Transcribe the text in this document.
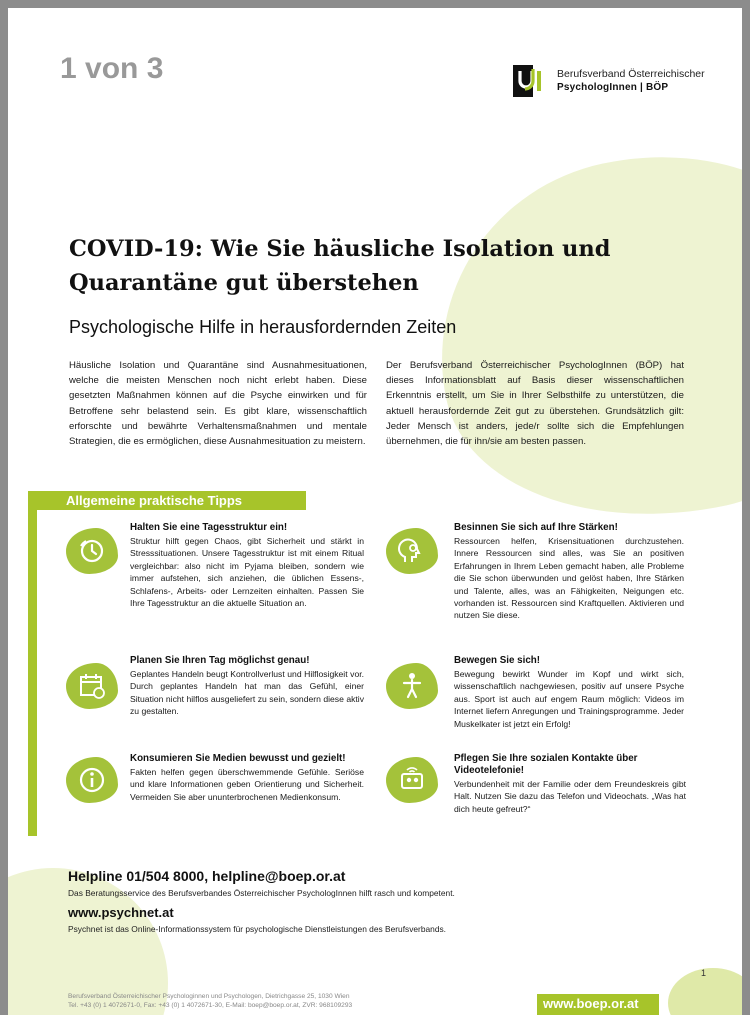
1 von 3	Berufsverband Österreichischer
PsychologInnen | BÖP
COVID-19: Wie Sie häusliche Isolation und
Quarantäne gut überstehen
Psychologische Hilfe in herausfordernden Zeiten
Häusliche Isolation und Quarantäne sind Ausnahmesituationen, welche die meisten Menschen noch nicht erlebt haben. Diese gesetzten Maßnahmen können auf die Psyche einwirken und für Betroffene sehr belastend sein. Es gibt klare, wissenschaftlich erforschte und bewährte Verhaltensmaßnahmen und mentale Strategien, die es ermöglichen, diese Ausnahmesituation zu meistern.
Der Berufsverband Österreichischer PsychologInnen (BÖP) hat dieses Informationsblatt auf Basis dieser wissenschaftlichen Erkenntnis erstellt, um Sie in Ihrer Selbsthilfe zu unterstützen, die aktuell herausfordernde Zeit gut zu überstehen. Grundsätzlich gilt: Jeder Mensch ist anders, jede/r sollte sich die Empfehlungen übernehmen, die für ihn/sie am besten passen.
Allgemeine praktische Tipps
Halten Sie eine Tagesstruktur ein!
Struktur hilft gegen Chaos, gibt Sicherheit und stärkt in Stresssituationen. Unsere Tagesstruktur ist mit einem Ritual vergleichbar: also nicht im Pyjama bleiben, sondern wie immer aufstehen, sich anziehen, die üblichen Essens-, Schlafens-, Arbeits- oder Lernzeiten einhalten. Passen Sie Ihre Tagesstruktur an die aktuelle Situation an.
Besinnen Sie sich auf Ihre Stärken!
Ressourcen helfen, Krisensituationen durchzustehen. Innere Ressourcen sind alles, was Sie an positiven Erfahrungen in Ihrem Leben gemacht haben, alle Probleme die Sie schon überwunden und gelöst haben, Ihre Stärken und Talente, alles, was an Fähigkeiten, Neigungen etc. vorhanden ist. Ressourcen sind Kraftquellen. Aktivieren und nutzen Sie diese.
Planen Sie Ihren Tag möglichst genau!
Geplantes Handeln beugt Kontrollverlust und Hilflosigkeit vor. Durch geplantes Handeln hat man das Gefühl, einer Situation nicht hilflos ausgeliefert zu sein, sondern diese aktiv zu gestalten.
Bewegen Sie sich!
Bewegung bewirkt Wunder im Kopf und wirkt sich, wissenschaftlich nachgewiesen, positiv auf unsere Psyche aus. Sport ist auch auf engem Raum möglich: Videos im Internet liefern Anregungen und Trainingsprogramme. Jeder Muskelkater ist jetzt ein Erfolg!
Konsumieren Sie Medien bewusst und gezielt!
Fakten helfen gegen überschwemmende Gefühle. Seriöse und klare Informationen geben Orientierung und Sicherheit. Vermeiden Sie aber ununterbrochenen Medienkonsum.
Pflegen Sie Ihre sozialen Kontakte über Videotelefonie!
Verbundenheit mit der Familie oder dem Freundeskreis gibt Halt. Nutzen Sie dazu das Telefon und Videochats. „Was hat dich heute gefreut?“
Helpline 01/504 8000, helpline@boep.or.at
Das Beratungsservice des Berufsverbandes Österreichischer PsychologInnen hilft rasch und kompetent.
www.psychnet.at
Psychnet ist das Online-Informationssystem für psychologische Dienstleistungen des Berufsverbands.
Berufsverband Österreichischer Psychologinnen und Psychologen, Dietrichgasse 25, 1030 Wien
Tel. +43 (0) 1 4072671-0, Fax: +43 (0) 1 4072671-30, E-Mail: boep@boep.or.at, ZVR: 968109293	www.boep.or.at
1
